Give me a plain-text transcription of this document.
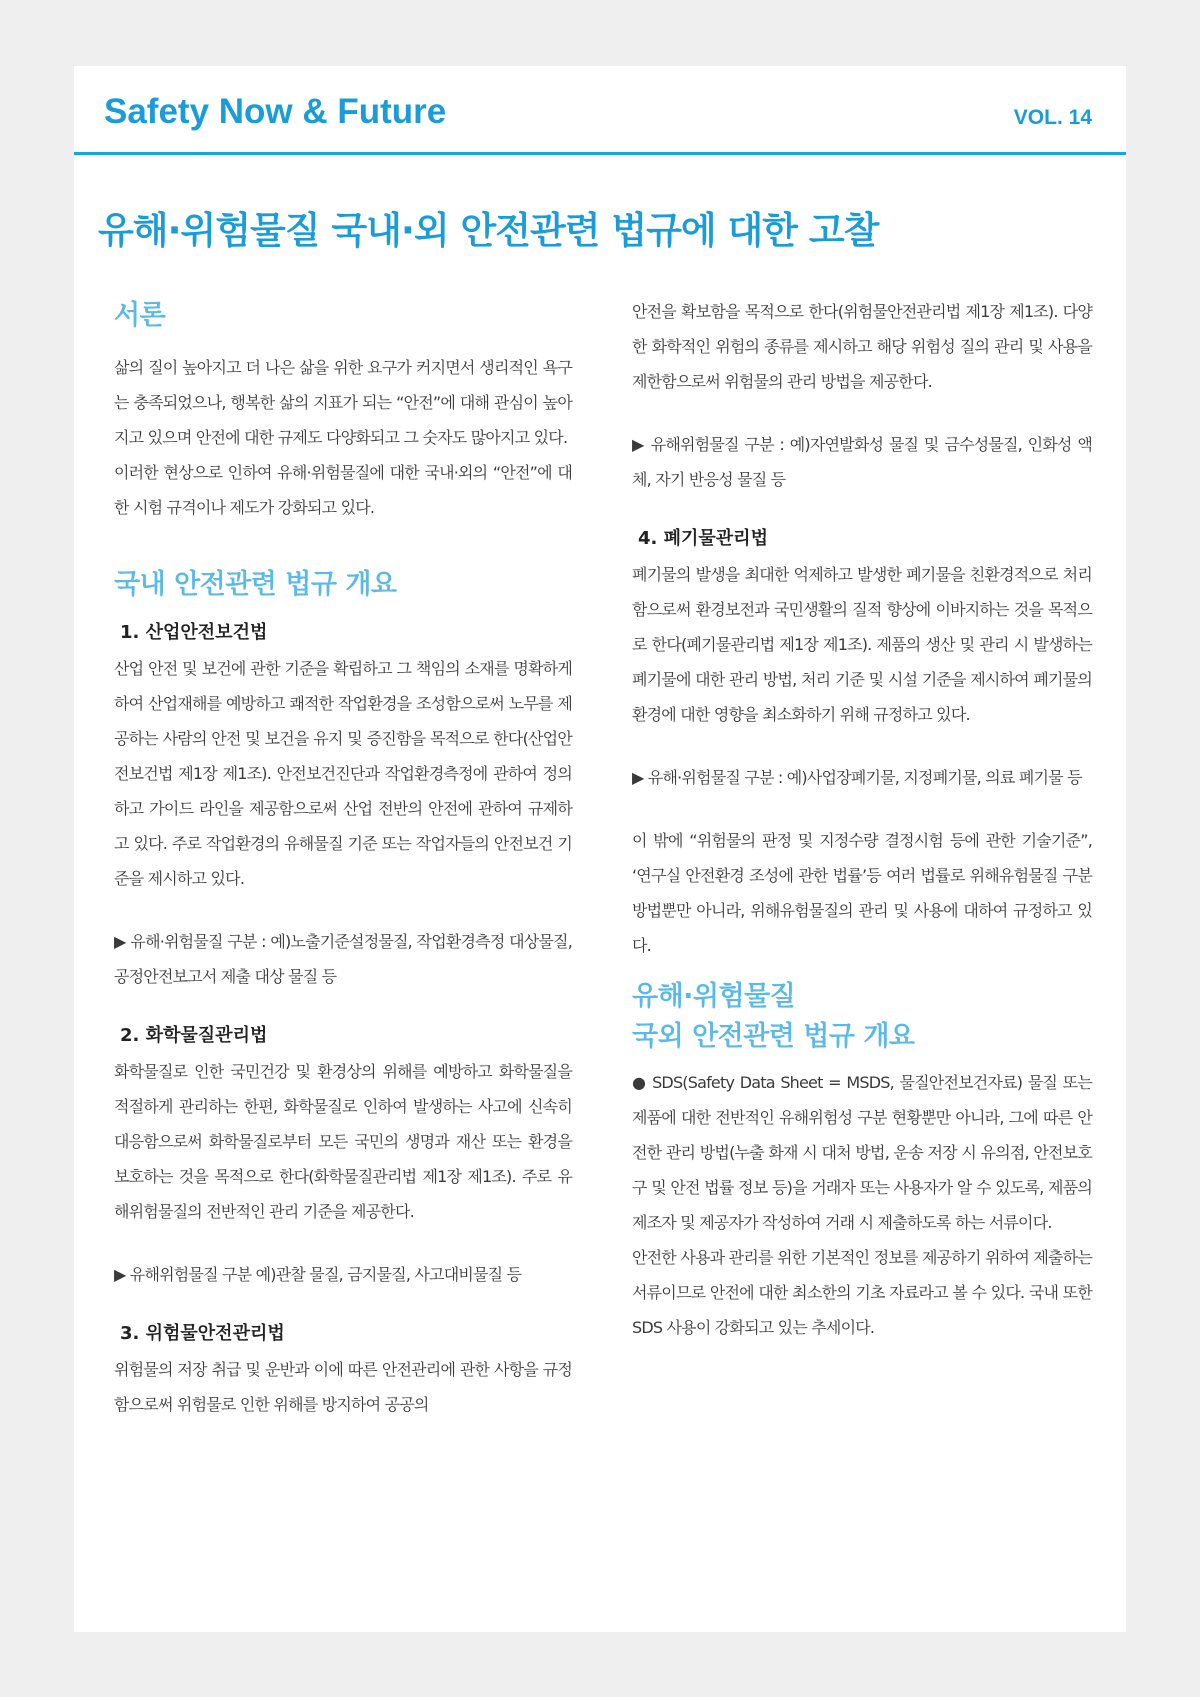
Safety Now & Future	VOL. 14
유해·위험물질 국내·외 안전관련 법규에 대한 고찰
서론

삶의 질이 높아지고 더 나은 삶을 위한 요구가 커지면서 생리적인 욕구는 충족되었으나, 행복한 삶의 지표가 되는 “안전”에 대해 관심이 높아지고 있으며 안전에 대한 규제도 다양화되고 그 숫자도 많아지고 있다.

이러한 현상으로 인하여 유해·위험물질에 대한 국내·외의 “안전”에 대한 시험 규격이나 제도가 강화되고 있다.

국내 안전관련 법규 개요
1. 산업안전보건법

산업 안전 및 보건에 관한 기준을 확립하고 그 책임의 소재를 명확하게 하여 산업재해를 예방하고 쾌적한 작업환경을 조성함으로써 노무를 제공하는 사람의 안전 및 보건을 유지 및 증진함을 목적으로 한다(산업안전보건법 제1장 제1조). 안전보건진단과 작업환경측정에 관하여 정의하고 가이드 라인을 제공함으로써 산업 전반의 안전에 관하여 규제하고 있다. 주로 작업환경의 유해물질 기준 또는 작업자들의 안전보건 기준을 제시하고 있다.

▶ 유해·위험물질 구분 : 예)노출기준설정물질, 작업환경측정 대상물질, 공정안전보고서 제출 대상 물질 등

2. 화학물질관리법

화학물질로 인한 국민건강 및 환경상의 위해를 예방하고 화학물질을 적절하게 관리하는 한편, 화학물질로 인하여 발생하는 사고에 신속히 대응함으로써 화학물질로부터 모든 국민의 생명과 재산 또는 환경을 보호하는 것을 목적으로 한다(화학물질관리법 제1장 제1조). 주로 유해위험물질의 전반적인 관리 기준을 제공한다.

▶ 유해위험물질 구분 예)관찰 물질, 금지물질, 사고대비물질 등

3. 위험물안전관리법

위험물의 저장 취급 및 운반과 이에 따른 안전관리에 관한 사항을 규정함으로써 위험물로 인한 위해를 방지하여 공공의

안전을 확보함을 목적으로 한다(위험물안전관리법 제1장 제1조). 다양한 화학적인 위험의 종류를 제시하고 해당 위험성 질의 관리 및 사용을 제한함으로써 위험물의 관리 방법을 제공한다.

▶ 유해위험물질 구분 : 예)자연발화성 물질 및 금수성물질, 인화성 액체, 자기 반응성 물질 등

4. 폐기물관리법

폐기물의 발생을 최대한 억제하고 발생한 폐기물을 친환경적으로 처리함으로써 환경보전과 국민생활의 질적 향상에 이바지하는 것을 목적으로 한다(폐기물관리법 제1장 제1조). 제품의 생산 및 관리 시 발생하는 폐기물에 대한 관리 방법, 처리 기준 및 시설 기준을 제시하여 폐기물의 환경에 대한 영향을 최소화하기 위해 규정하고 있다.

▶ 유해·위험물질 구분 : 예)사업장폐기물, 지정폐기물, 의료 폐기물 등

이 밖에 “위험물의 판정 및 지정수량 결정시험 등에 관한 기술기준”, ‘연구실 안전환경 조성에 관한 법률’등 여러 법률로 위해유험물질 구분 방법뿐만 아니라, 위해유험물질의 관리 및 사용에 대하여 규정하고 있다.

유해·위험물질
국외 안전관련 법규 개요

● SDS(Safety Data Sheet = MSDS, 물질안전보건자료) 물질 또는 제품에 대한 전반적인 유해위험성 구분 현황뿐만 아니라, 그에 따른 안전한 관리 방법(누출 화재 시 대처 방법, 운송 저장 시 유의점, 안전보호구 및 안전 법률 정보 등)을 거래자 또는 사용자가 알 수 있도록, 제품의 제조자 및 제공자가 작성하여 거래 시 제출하도록 하는 서류이다.

안전한 사용과 관리를 위한 기본적인 정보를 제공하기 위하여 제출하는 서류이므로 안전에 대한 최소한의 기초 자료라고 볼 수 있다. 국내 또한 SDS 사용이 강화되고 있는 추세이다.
